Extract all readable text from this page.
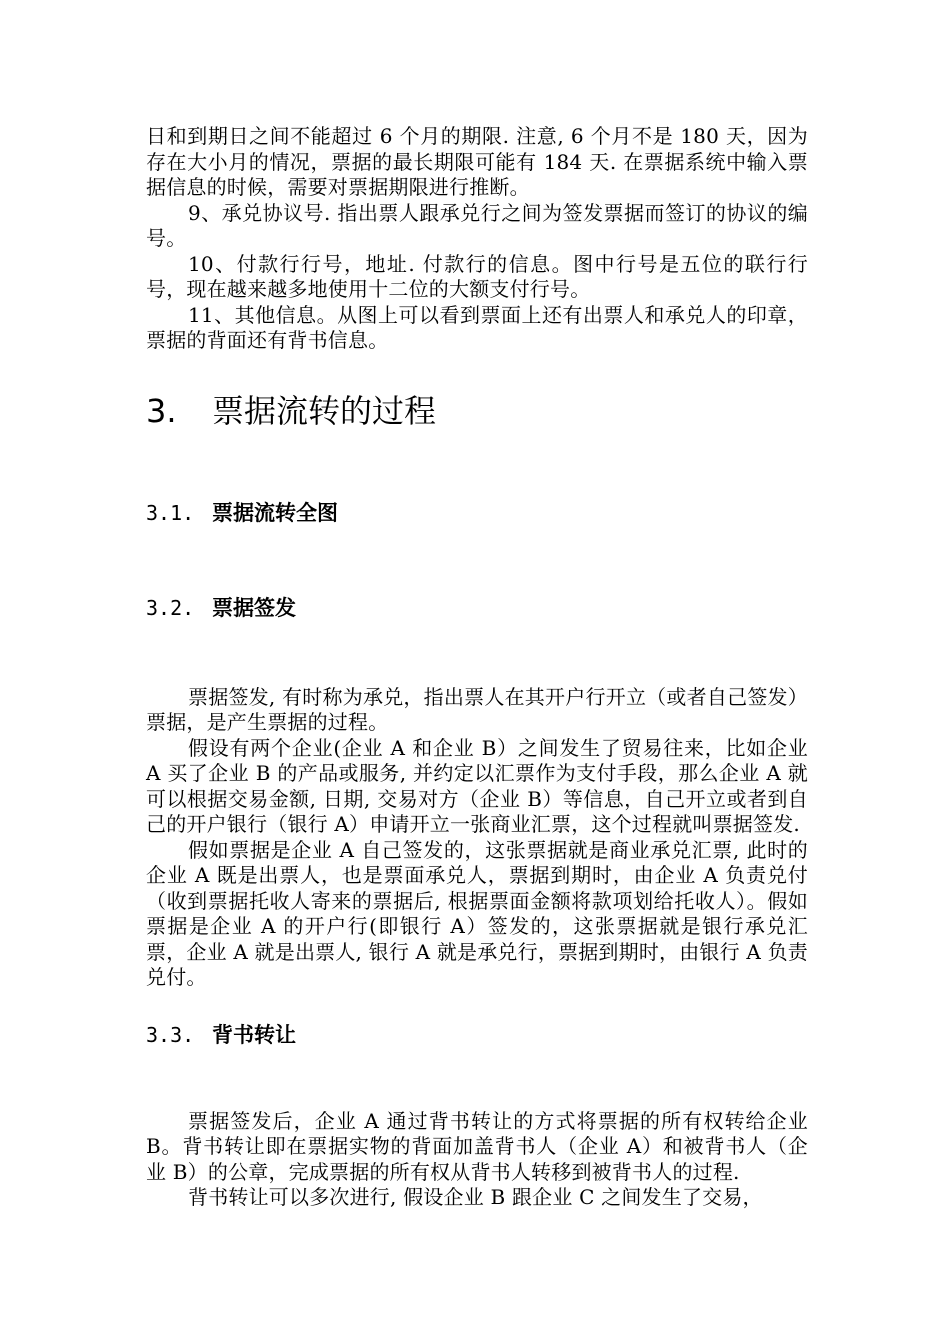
日和到期日之间不能超过 6 个月的期限. 注意, 6 个月不是 180 天，因为存在大小月的情况，票据的最长期限可能有 184 天. 在票据系统中输入票据信息的时候，需要对票据期限进行推断。

9、承兑协议号. 指出票人跟承兑行之间为签发票据而签订的协议的编号。

10、付款行行号，地址. 付款行的信息。图中行号是五位的联行行号，现在越来越多地使用十二位的大额支付行号。

11、其他信息。从图上可以看到票面上还有出票人和承兑人的印章，票据的背面还有背书信息。

3.	票据流转的过程
3.1. 票据流转全图
3.2. 票据签发

票据签发, 有时称为承兑，指出票人在其开户行开立（或者自己签发）票据，是产生票据的过程。

假设有两个企业(企业 A 和企业 B）之间发生了贸易往来，比如企业 A 买了企业 B 的产品或服务, 并约定以汇票作为支付手段，那么企业 A 就可以根据交易金额, 日期, 交易对方（企业 B）等信息，自己开立或者到自己的开户银行（银行 A）申请开立一张商业汇票，这个过程就叫票据签发.

假如票据是企业 A 自己签发的，这张票据就是商业承兑汇票, 此时的企业 A 既是出票人，也是票面承兑人，票据到期时，由企业 A 负责兑付（收到票据托收人寄来的票据后, 根据票面金额将款项划给托收人）。假如票据是企业 A 的开户行(即银行 A）签发的，这张票据就是银行承兑汇票，企业 A 就是出票人, 银行 A 就是承兑行，票据到期时，由银行 A 负责兑付。

3.3. 背书转让

票据签发后，企业 A 通过背书转让的方式将票据的所有权转给企业 B。背书转让即在票据实物的背面加盖背书人（企业 A）和被背书人（企业 B）的公章，完成票据的所有权从背书人转移到被背书人的过程.

背书转让可以多次进行, 假设企业 B 跟企业 C 之间发生了交易，
